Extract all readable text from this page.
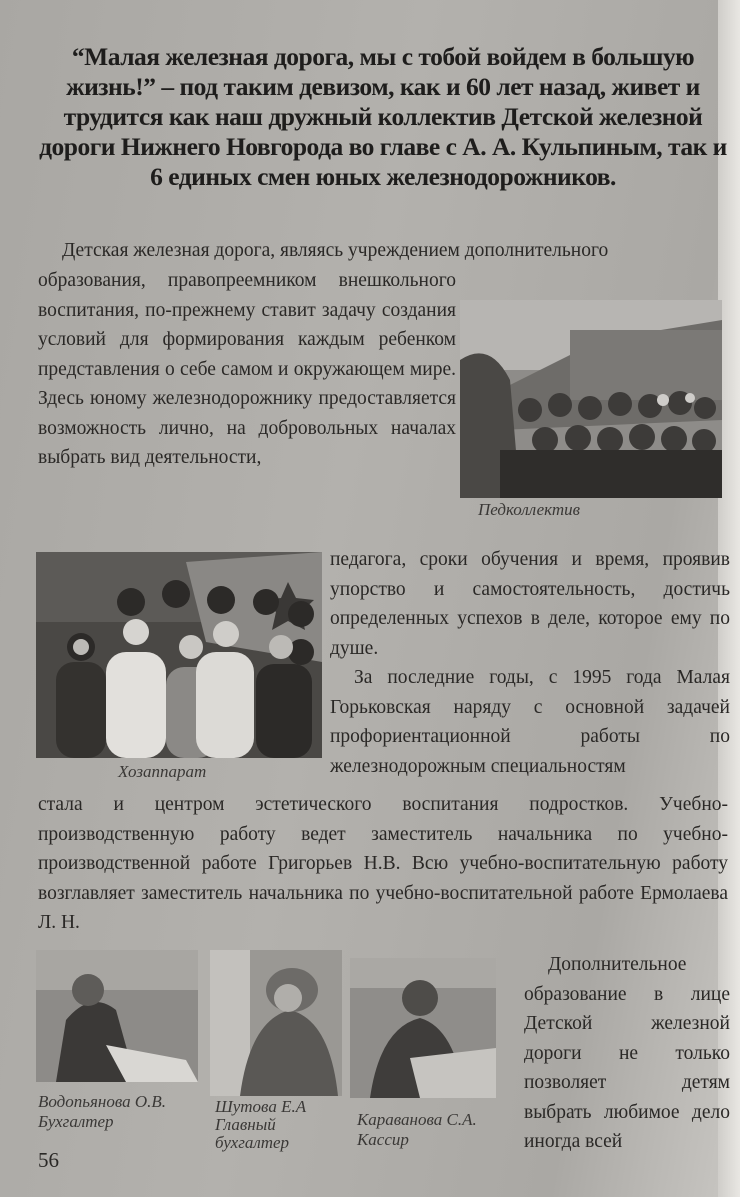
“Малая железная дорога, мы с тобой войдем в большую жизнь!” – под таким девизом, как и 60 лет назад, живет и трудится как наш дружный коллектив Детской железной дороги Нижнего Новгорода во главе с А. А. Кульпиным, так и 6 единых смен юных железнодорожников.
Детская железная дорога, являясь учреждением дополнительного
образования, правопреемником внешкольного воспитания, по-прежнему ставит задачу создания условий для формирования каждым ребенком представления о себе самом и окружающем мире. Здесь юному железнодорожнику предоставляется возможность лично, на добровольных началах выбрать вид деятельности,
Педколлектив
Хозаппарат
педагога, сроки обучения и время, проявив упорство и самостоятельность, достичь определенных успехов в деле, которое ему по душе.
За последние годы, с 1995 года Малая Горьковская наряду с основной задачей профориентационной работы по железнодорожным специальностям
стала и центром эстетического воспитания подростков. Учебно-производственную работу ведет заместитель начальника по учебно-производственной работе Григорьев Н.В. Всю учебно-воспитательную работу возглавляет заместитель начальника по учебно-воспитательной работе Ермолаева Л. Н.
Водопьянова О.В.
Бухгалтер
Шутова Е.А
Главный
бухгалтер
Караванова С.А.
Кассир
Дополнительное образование в лице Детской железной дороги не только позволяет детям выбрать любимое дело иногда всей
56
